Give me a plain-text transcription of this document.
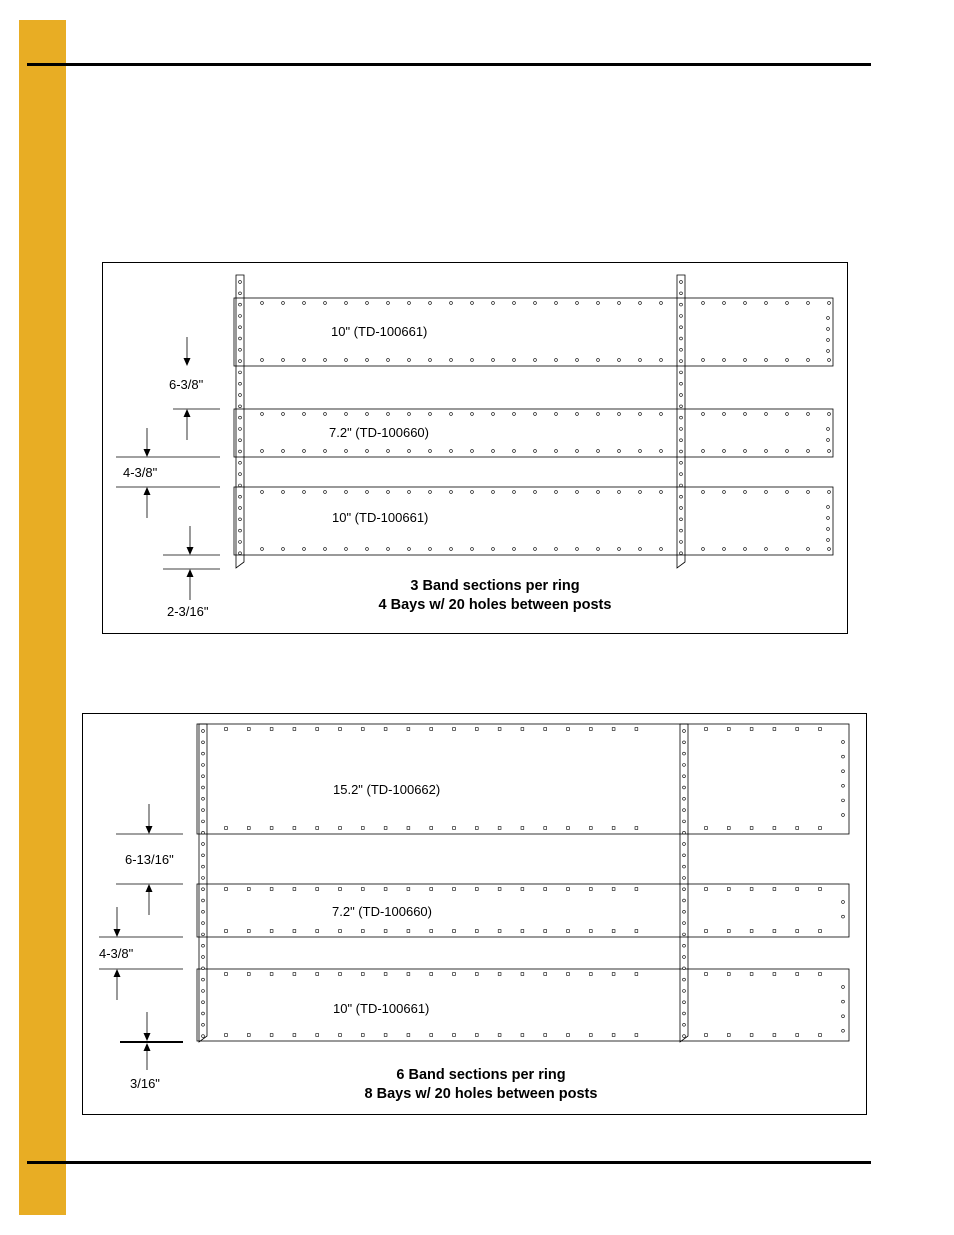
10" (TD-100661)
7.2" (TD-100660)
10" (TD-100661)
6-3/8"
4-3/8"
2-3/16"
3 Band sections per ring
4 Bays w/ 20 holes between posts
15.2" (TD-100662)
7.2" (TD-100660)
10" (TD-100661)
6-13/16"
4-3/8"
3/16"
6 Band sections per ring
8 Bays w/ 20 holes between posts
